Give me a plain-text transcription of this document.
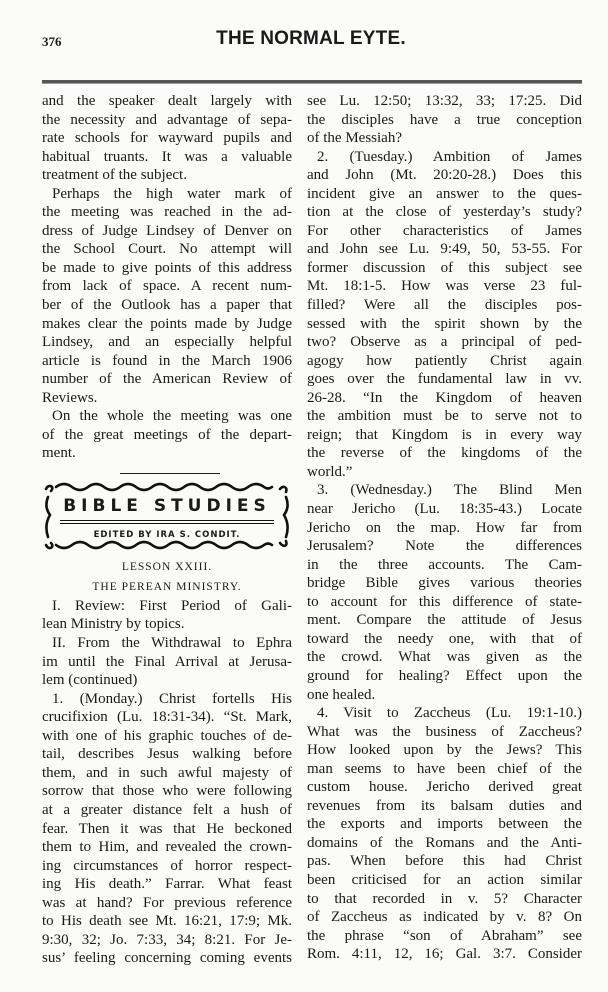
376	THE NORMAL EYTE.
and the speaker dealt largely with
the necessity and advantage of sepa-
rate schools for wayward pupils and
habitual truants. It was a valuable
treatment of the subject.
Perhaps the high water mark of
the meeting was reached in the ad-
dress of Judge Lindsey of Denver on
the School Court. No attempt will
be made to give points of this address
from lack of space. A recent num-
ber of the Outlook has a paper that
makes clear the points made by Judge
Lindsey, and an especially helpful
article is found in the March 1906
number of the American Review of
Reviews.
On the whole the meeting was one
of the great meetings of the depart-
ment.
BIBLE STUDIES
EDITED BY IRA S. CONDIT.
LESSON XXIII.
THE PEREAN MINISTRY.
I. Review: First Period of Gali-
lean Ministry by topics.
II. From the Withdrawal to Ephra
im until the Final Arrival at Jerusa-
lem (continued)
1. (Monday.) Christ fortells His
crucifixion (Lu. 18:31-34). “St. Mark,
with one of his graphic touches of de-
tail, describes Jesus walking before
them, and in such awful majesty of
sorrow that those who were following
at a greater distance felt a hush of
fear. Then it was that He beckoned
them to Him, and revealed the crown-
ing circumstances of horror respect-
ing His death.” Farrar. What feast
was at hand? For previous reference
to His death see Mt. 16:21, 17:9; Mk.
9:30, 32; Jo. 7:33, 34; 8:21. For Je-
sus’ feeling concerning coming events
see Lu. 12:50; 13:32, 33; 17:25. Did
the disciples have a true conception
of the Messiah?
2. (Tuesday.) Ambition of James
and John (Mt. 20:20-28.) Does this
incident give an answer to the ques-
tion at the close of yesterday’s study?
For other characteristics of James
and John see Lu. 9:49, 50, 53-55. For
former discussion of this subject see
Mt. 18:1-5. How was verse 23 ful-
filled? Were all the disciples pos-
sessed with the spirit shown by the
two? Observe as a principal of ped-
agogy how patiently Christ again
goes over the fundamental law in vv.
26-28. “In the Kingdom of heaven
the ambition must be to serve not to
reign; that Kingdom is in every way
the reverse of the kingdoms of the
world.”
3. (Wednesday.) The Blind Men
near Jericho (Lu. 18:35-43.) Locate
Jericho on the map. How far from
Jerusalem? Note the differences
in the three accounts. The Cam-
bridge Bible gives various theories
to account for this difference of state-
ment. Compare the attitude of Jesus
toward the needy one, with that of
the crowd. What was given as the
ground for healing? Effect upon the
one healed.
4. Visit to Zaccheus (Lu. 19:1-10.)
What was the business of Zaccheus?
How looked upon by the Jews? This
man seems to have been chief of the
custom house. Jericho derived great
revenues from its balsam duties and
the exports and imports between the
domains of the Romans and the Anti-
pas. When before this had Christ
been criticised for an action similar
to that recorded in v. 5? Character
of Zaccheus as indicated by v. 8? On
the phrase “son of Abraham” see
Rom. 4:11, 12, 16; Gal. 3:7. Consider
